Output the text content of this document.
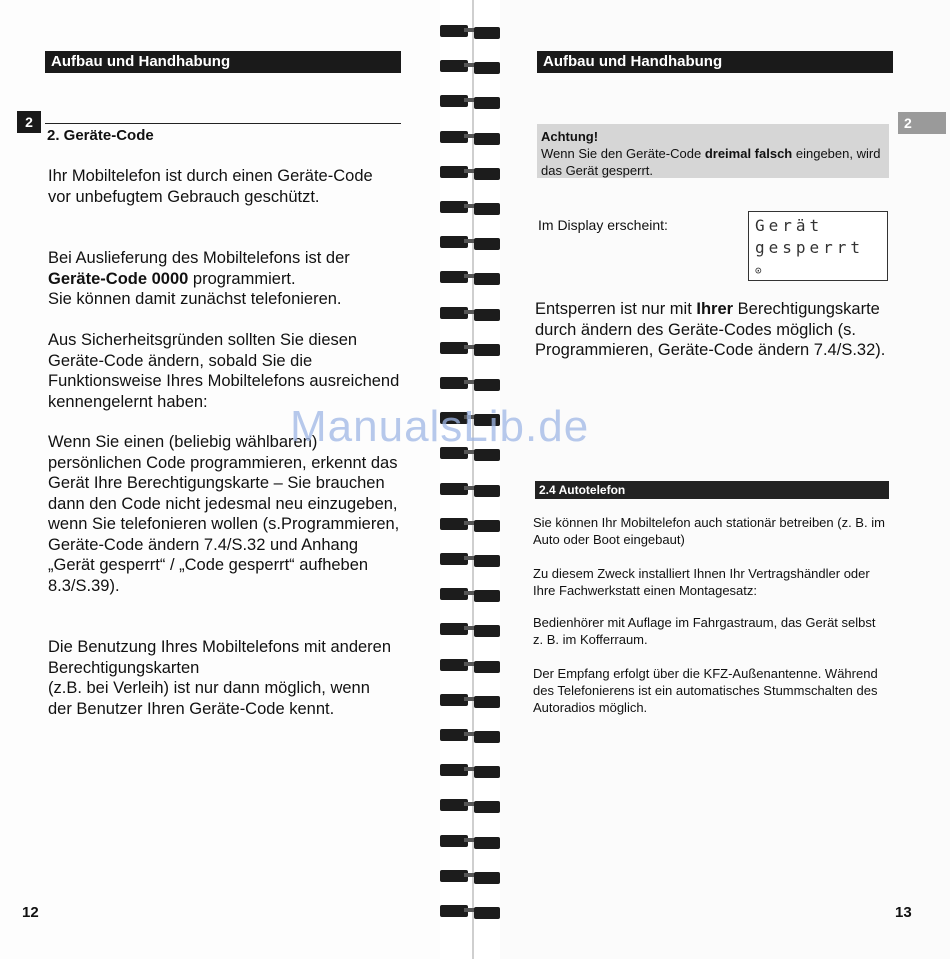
Aufbau und Handhabung
2
2. Geräte-Code

Ihr Mobiltelefon ist durch einen Geräte-Code vor unbefugtem Gebrauch geschützt.

Bei Auslieferung des Mobiltelefons ist der Geräte-Code 0000 programmiert.
Sie können damit zunächst telefonieren.

Aus Sicherheitsgründen sollten Sie diesen Geräte-Code ändern, sobald Sie die Funktionsweise Ihres Mobiltelefons ausreichend kennengelernt haben:

Wenn Sie einen (beliebig wählbaren) persönlichen Code programmieren, erkennt das Gerät Ihre Berechtigungskarte – Sie brauchen dann den Code nicht jedesmal neu einzugeben, wenn Sie telefonieren wollen (s.Programmieren, Geräte-Code ändern 7.4/S.32 und Anhang „Gerät gesperrt“ / „Code gesperrt“ aufheben 8.3/S.39).

Die Benutzung Ihres Mobiltelefons mit anderen Berechtigungskarten
(z.B. bei Verleih) ist nur dann möglich, wenn der Benutzer Ihren Geräte-Code kennt.

12
Aufbau und Handhabung
2
Achtung!
Wenn Sie den Geräte-Code dreimal falsch eingeben, wird das Gerät gesperrt.
Im Display erscheint:	Gerät
gesperrt
⊙

Entsperren ist nur mit Ihrer Berechtigungskarte durch ändern des Geräte-Codes möglich (s. Programmieren, Geräte-Code ändern 7.4/S.32).

2.4 Autotelefon

Sie können Ihr Mobiltelefon auch stationär betreiben (z. B. im Auto oder Boot eingebaut)

Zu diesem Zweck installiert Ihnen Ihr Vertragshändler oder Ihre Fachwerkstatt einen Montagesatz:

Bedienhörer mit Auflage im Fahrgastraum, das Gerät selbst z. B. im Kofferraum.

Der Empfang erfolgt über die KFZ-Außenantenne. Während des Telefonierens ist ein automatisches Stummschalten des Autoradios möglich.

13
ManualsLib.de
